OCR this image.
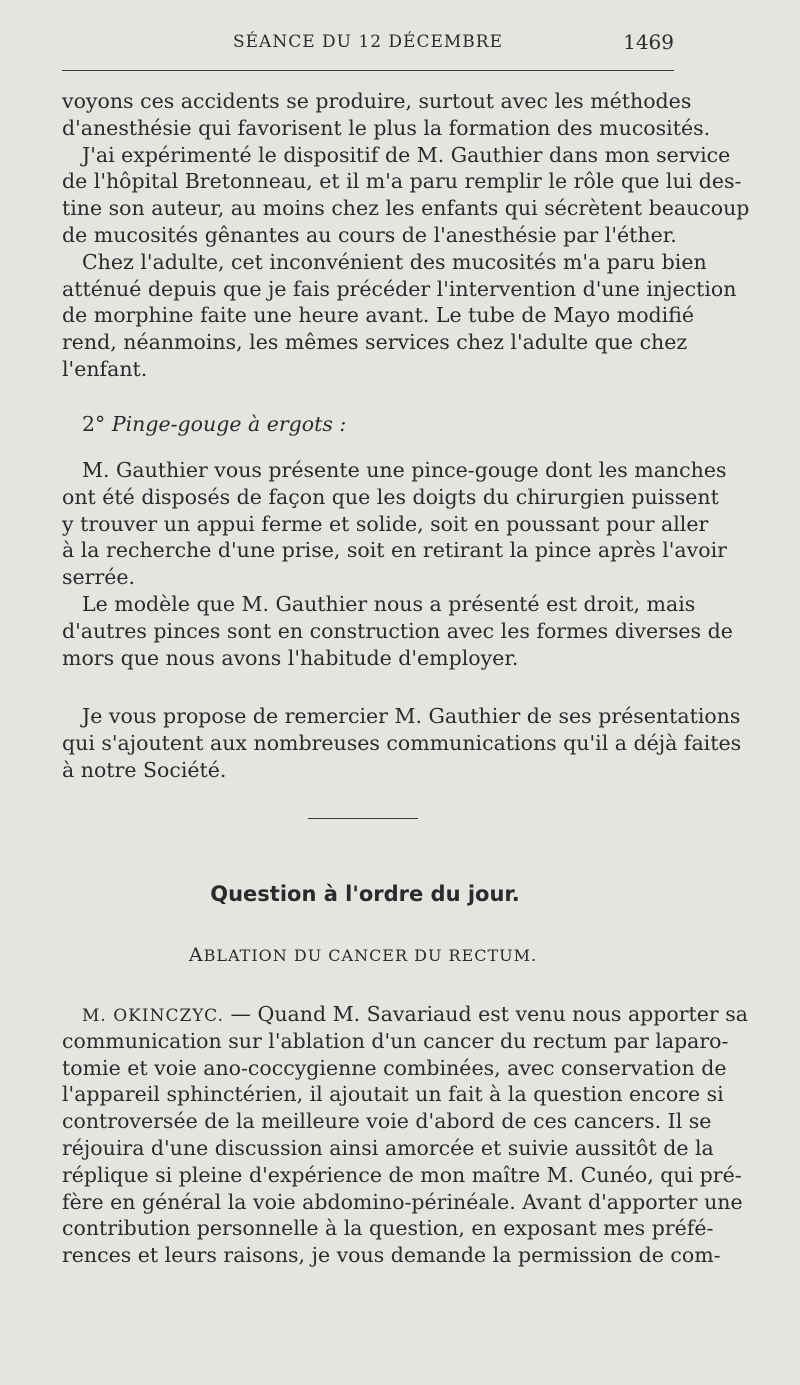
SÉANCE DU 12 DÉCEMBRE	1469
voyons ces accidents se produire, surtout avec les méthodes
d'anesthésie qui favorisent le plus la formation des mucosités.
J'ai expérimenté le dispositif de M. Gauthier dans mon service
de l'hôpital Bretonneau, et il m'a paru remplir le rôle que lui des-
tine son auteur, au moins chez les enfants qui sécrètent beaucoup
de mucosités gênantes au cours de l'anesthésie par l'éther.
Chez l'adulte, cet inconvénient des mucosités m'a paru bien
atténué depuis que je fais précéder l'intervention d'une injection
de morphine faite une heure avant. Le tube de Mayo modifié
rend, néanmoins, les mêmes services chez l'adulte que chez
l'enfant.
2° Pinge-gouge à ergots :
M. Gauthier vous présente une pince-gouge dont les manches
ont été disposés de façon que les doigts du chirurgien puissent
y trouver un appui ferme et solide, soit en poussant pour aller
à la recherche d'une prise, soit en retirant la pince après l'avoir
serrée.
Le modèle que M. Gauthier nous a présenté est droit, mais
d'autres pinces sont en construction avec les formes diverses de
mors que nous avons l'habitude d'employer.
Je vous propose de remercier M. Gauthier de ses présentations
qui s'ajoutent aux nombreuses communications qu'il a déjà faites
à notre Société.
Question à l'ordre du jour.
ABLATION DU CANCER DU RECTUM.
M. OKINCZYC. — Quand M. Savariaud est venu nous apporter sa
communication sur l'ablation d'un cancer du rectum par laparo-
tomie et voie ano-coccygienne combinées, avec conservation de
l'appareil sphinctérien, il ajoutait un fait à la question encore si
controversée de la meilleure voie d'abord de ces cancers. Il se
réjouira d'une discussion ainsi amorcée et suivie aussitôt de la
réplique si pleine d'expérience de mon maître M. Cunéo, qui pré-
fère en général la voie abdomino-périnéale. Avant d'apporter une
contribution personnelle à la question, en exposant mes préfé-
rences et leurs raisons, je vous demande la permission de com-
